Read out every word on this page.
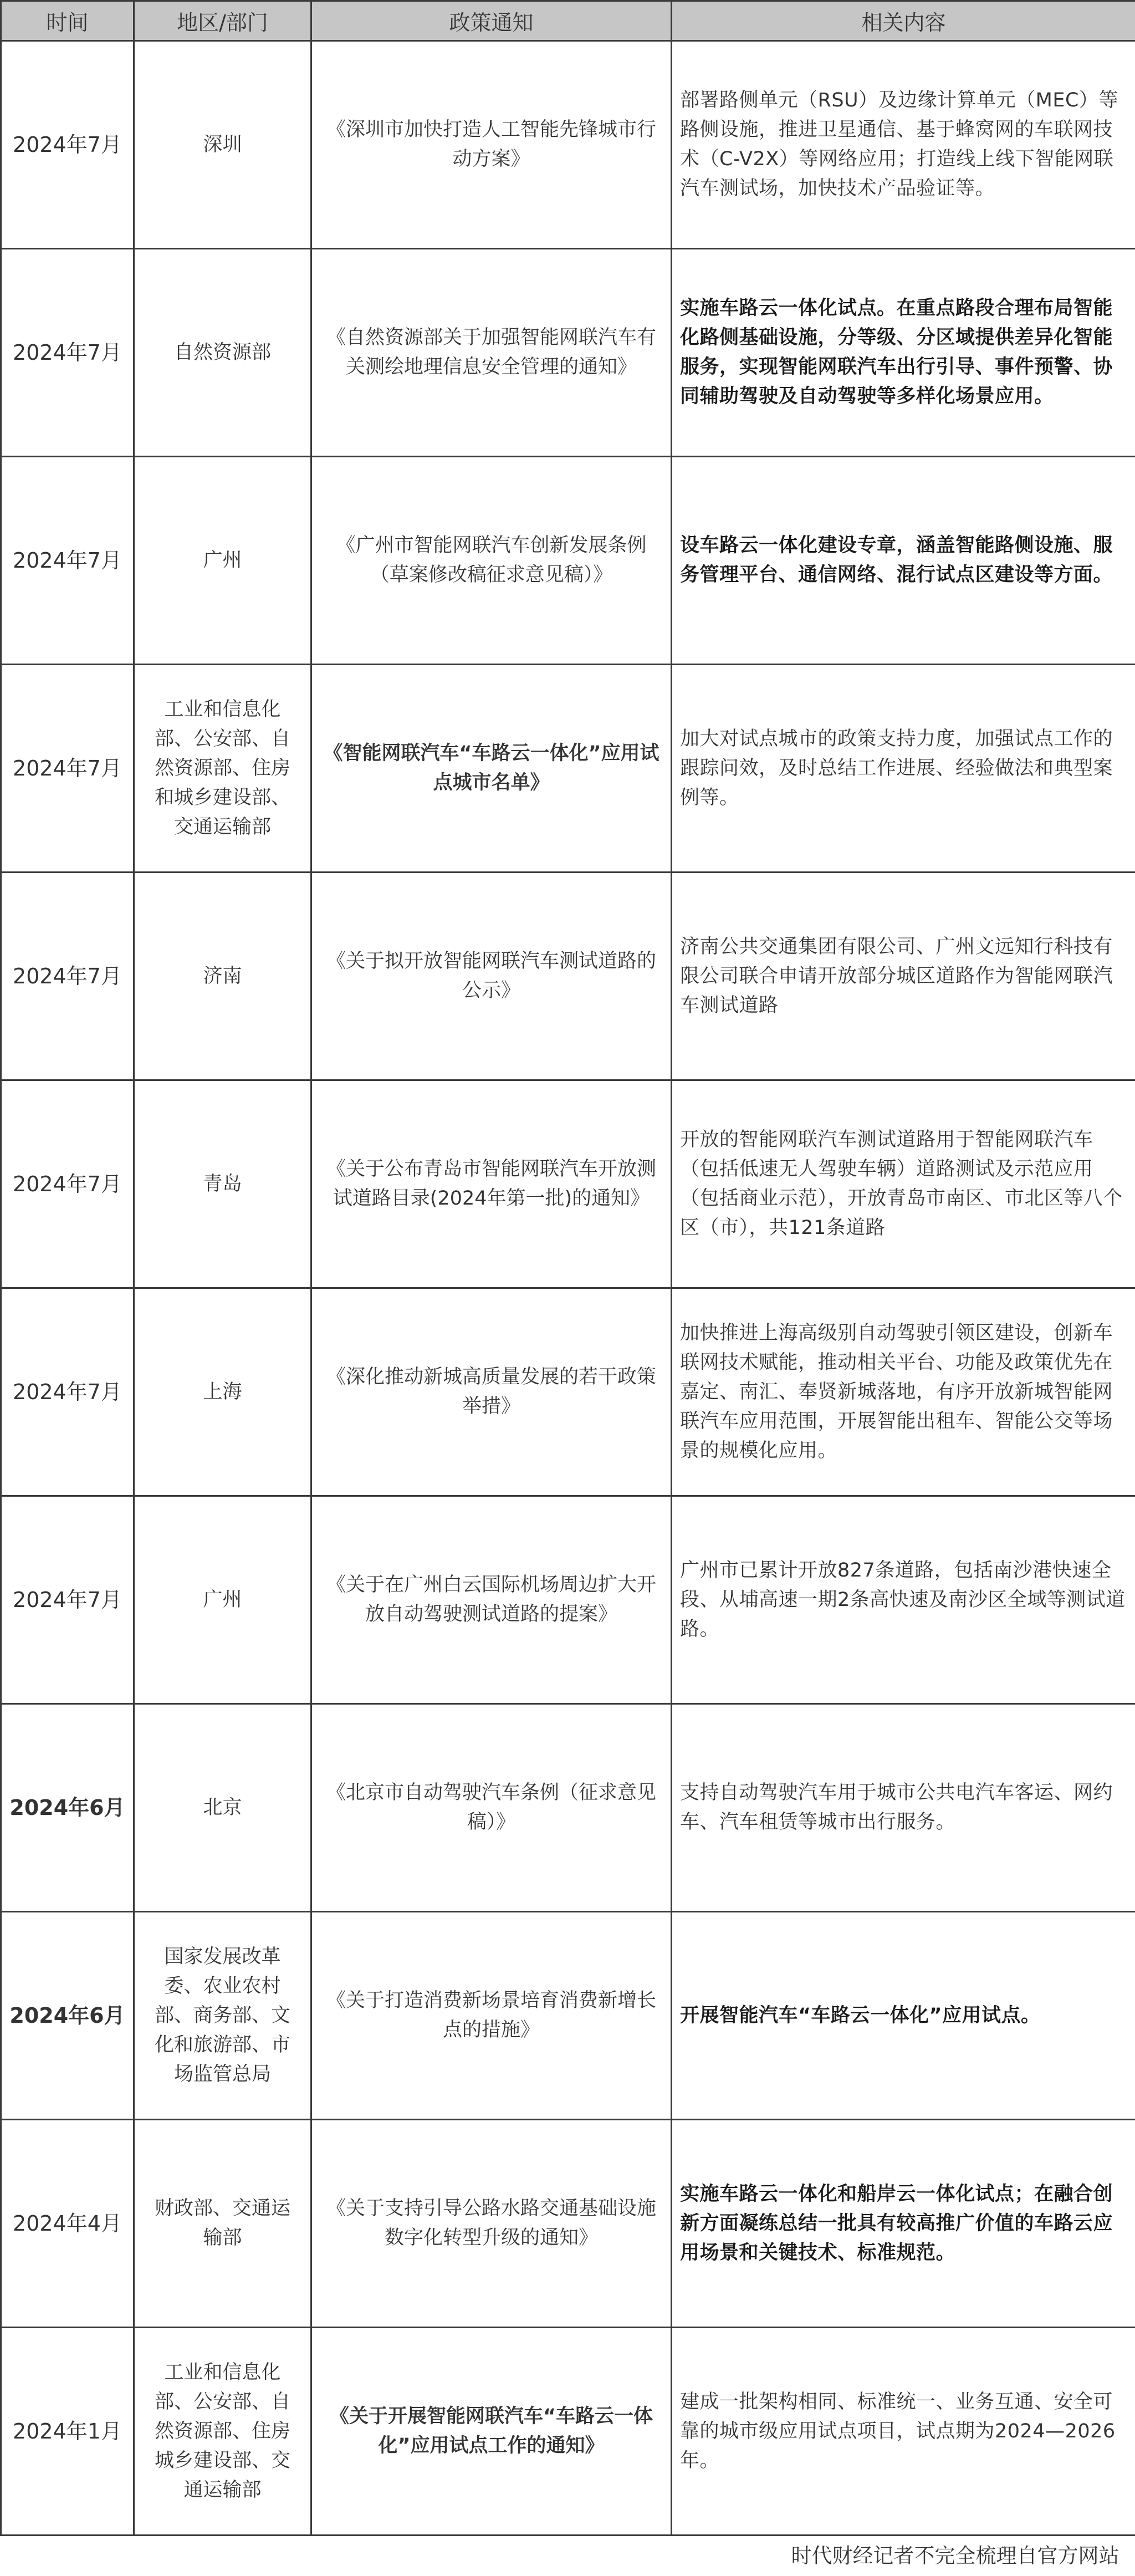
时间	地区/部门	政策通知	相关内容
2024年7月	深圳	《深圳市加快打造人工智能先锋城市行动方案》	部署路侧单元（RSU）及边缘计算单元（MEC）等路侧设施，推进卫星通信、基于蜂窝网的车联网技术（C-V2X）等网络应用；打造线上线下智能网联汽车测试场，加快技术产品验证等。
2024年7月	自然资源部	《自然资源部关于加强智能网联汽车有关测绘地理信息安全管理的通知》	实施车路云一体化试点。在重点路段合理布局智能化路侧基础设施，分等级、分区域提供差异化智能服务，实现智能网联汽车出行引导、事件预警、协同辅助驾驶及自动驾驶等多样化场景应用。
2024年7月	广州	《广州市智能网联汽车创新发展条例（草案修改稿征求意见稿）》	设车路云一体化建设专章，涵盖智能路侧设施、服务管理平台、通信网络、混行试点区建设等方面。
2024年7月	工业和信息化部、公安部、自然资源部、住房和城乡建设部、交通运输部	《智能网联汽车“车路云一体化”应用试点城市名单》	加大对试点城市的政策支持力度，加强试点工作的跟踪问效，及时总结工作进展、经验做法和典型案例等。
2024年7月	济南	《关于拟开放智能网联汽车测试道路的公示》	济南公共交通集团有限公司、广州文远知行科技有限公司联合申请开放部分城区道路作为智能网联汽车测试道路
2024年7月	青岛	《关于公布青岛市智能网联汽车开放测试道路目录(2024年第一批)的通知》	开放的智能网联汽车测试道路用于智能网联汽车（包括低速无人驾驶车辆）道路测试及示范应用（包括商业示范），开放青岛市南区、市北区等八个区（市），共121条道路
2024年7月	上海	《深化推动新城高质量发展的若干政策举措》	加快推进上海高级别自动驾驶引领区建设，创新车联网技术赋能，推动相关平台、功能及政策优先在嘉定、南汇、奉贤新城落地，有序开放新城智能网联汽车应用范围，开展智能出租车、智能公交等场景的规模化应用。
2024年7月	广州	《关于在广州白云国际机场周边扩大开放自动驾驶测试道路的提案》	广州市已累计开放827条道路，包括南沙港快速全段、从埔高速一期2条高快速及南沙区全域等测试道路。
2024年6月	北京	《北京市自动驾驶汽车条例（征求意见稿）》	支持自动驾驶汽车用于城市公共电汽车客运、网约车、汽车租赁等城市出行服务。
2024年6月	国家发展改革委、农业农村部、商务部、文化和旅游部、市场监管总局	《关于打造消费新场景培育消费新增长点的措施》	开展智能汽车“车路云一体化”应用试点。
2024年4月	财政部、交通运输部	《关于支持引导公路水路交通基础设施数字化转型升级的通知》	实施车路云一体化和船岸云一体化试点；在融合创新方面凝练总结一批具有较高推广价值的车路云应用场景和关键技术、标准规范。
2024年1月	工业和信息化部、公安部、自然资源部、住房城乡建设部、交通运输部	《关于开展智能网联汽车“车路云一体化”应用试点工作的通知》	建成一批架构相同、标准统一、业务互通、安全可靠的城市级应用试点项目，试点期为2024—2026年。
时代财经记者不完全梳理自官方网站			
